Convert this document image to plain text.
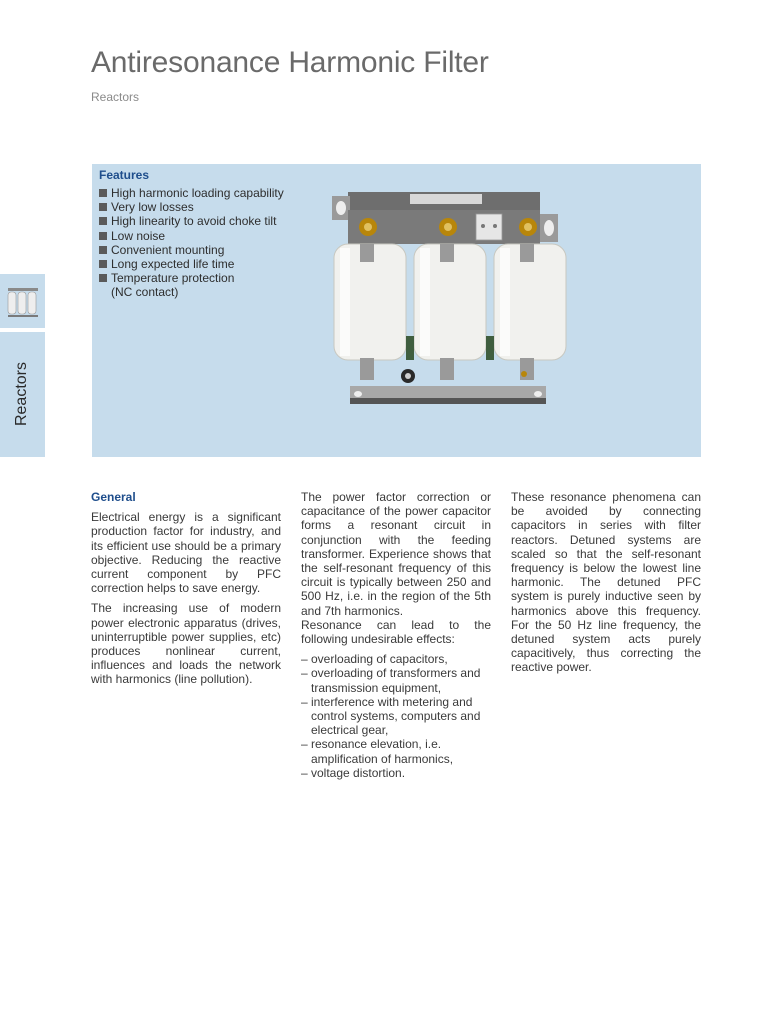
Antiresonance Harmonic Filter
Reactors
Reactors
Features
High harmonic loading capability
Very low losses
High linearity to avoid choke tilt
Low noise
Convenient mounting
Long expected life time
Temperature protection
(NC contact)
General

Electrical energy is a significant production factor for industry, and its efficient use should be a primary objective. Reducing the reactive current component by PFC correction helps to save energy.

The increasing use of modern power electronic apparatus (drives, uninterruptible power supplies, etc) produces nonlinear current, influences and loads the network with harmonics (line pollution).

The power factor correction or capacitance of the power capacitor forms a resonant circuit in conjunction with the feeding transformer. Experience shows that the self-resonant frequency of this circuit is typically between 250 and 500 Hz, i.e. in the region of the 5th and 7th harmonics.

Resonance can lead to the following undesirable effects:

– overloading of capacitors,
– overloading of transformers and transmission equipment,
– interference with metering and control systems, computers and electrical gear,
– resonance elevation, i.e. amplification of harmonics,
– voltage distortion.

These resonance phenomena can be avoided by connecting capacitors in series with filter reactors. Detuned systems are scaled so that the self-resonant frequency is below the lowest line harmonic. The detuned PFC system is purely inductive seen by harmonics above this frequency. For the 50 Hz line frequency, the detuned system acts purely capacitively, thus correcting the reactive power.
